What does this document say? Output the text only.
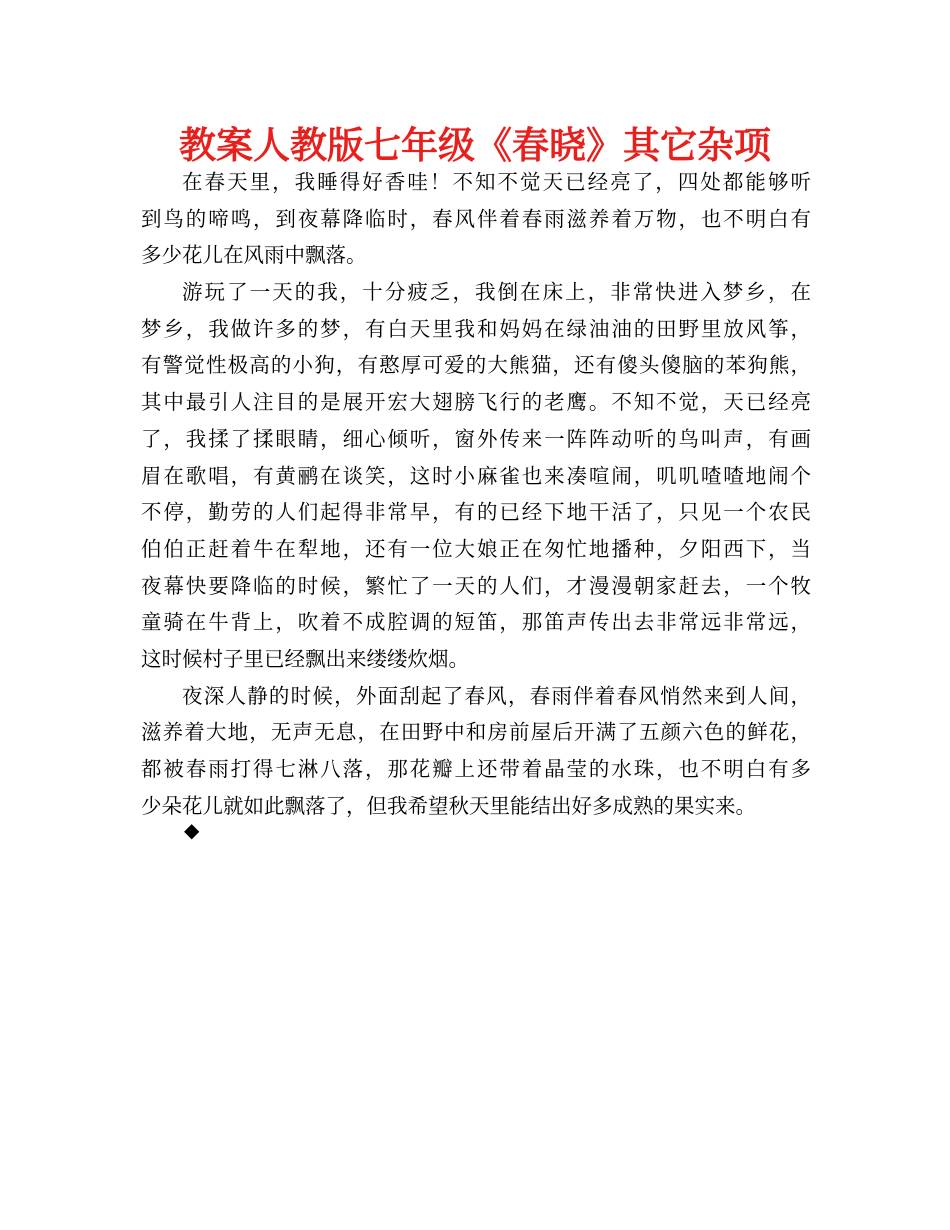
教案人教版七年级《春晓》其它杂项
在春天里，我睡得好香哇！不知不觉天已经亮了，四处都能够听
到鸟的啼鸣，到夜幕降临时，春风伴着春雨滋养着万物，也不明白有
多少花儿在风雨中飘落。
游玩了一天的我，十分疲乏，我倒在床上，非常快进入梦乡，在
梦乡，我做许多的梦，有白天里我和妈妈在绿油油的田野里放风筝，
有警觉性极高的小狗，有憨厚可爱的大熊猫，还有傻头傻脑的苯狗熊，
其中最引人注目的是展开宏大翅膀飞行的老鹰。不知不觉，天已经亮
了，我揉了揉眼睛，细心倾听，窗外传来一阵阵动听的鸟叫声，有画
眉在歌唱，有黄鹂在谈笑，这时小麻雀也来凑喧闹，叽叽喳喳地闹个
不停，勤劳的人们起得非常早，有的已经下地干活了，只见一个农民
伯伯正赶着牛在犁地，还有一位大娘正在匆忙地播种，夕阳西下，当
夜幕快要降临的时候，繁忙了一天的人们，才漫漫朝家赶去，一个牧
童骑在牛背上，吹着不成腔调的短笛，那笛声传出去非常远非常远，
这时候村子里已经飘出来缕缕炊烟。
夜深人静的时候，外面刮起了春风，春雨伴着春风悄然来到人间，
滋养着大地，无声无息，在田野中和房前屋后开满了五颜六色的鲜花，
都被春雨打得七淋八落，那花瓣上还带着晶莹的水珠，也不明白有多
少朵花儿就如此飘落了，但我希望秋天里能结出好多成熟的果实来。
◆
